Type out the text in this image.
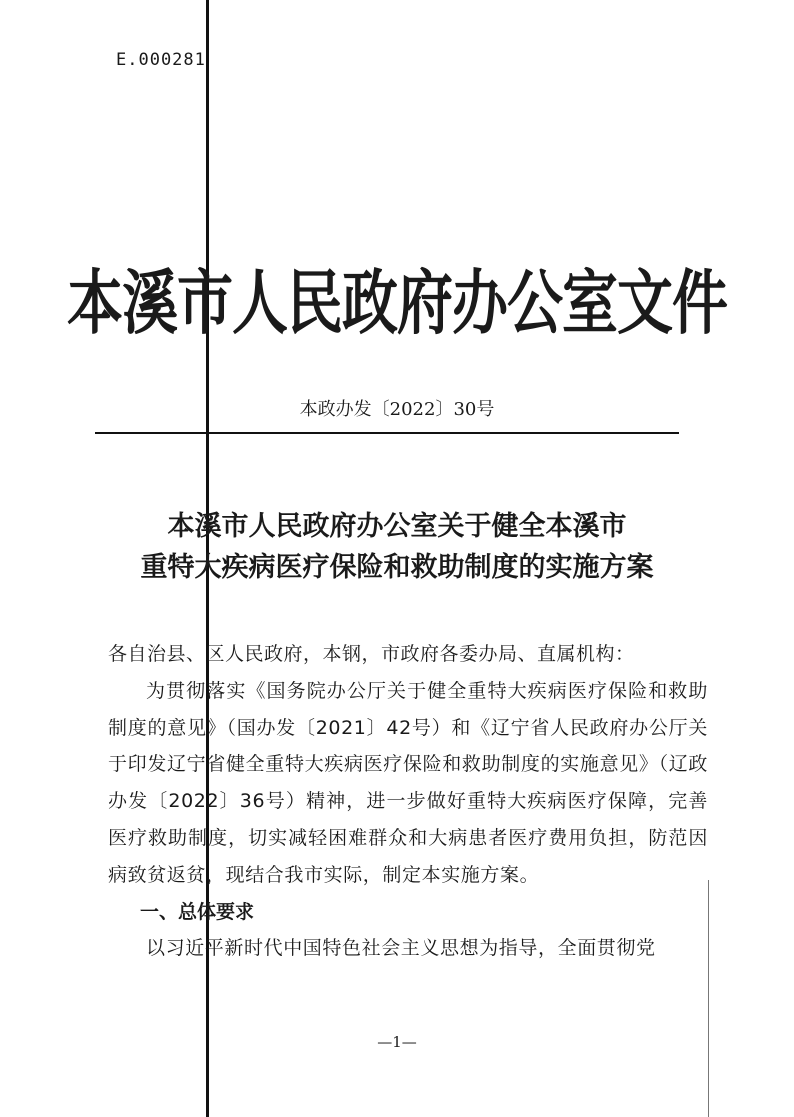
E.000281
本溪市人民政府办公室文件
本政办发〔2022〕30号
本溪市人民政府办公室关于健全本溪市
重特大疾病医疗保险和救助制度的实施方案

各自治县、区人民政府，本钢，市政府各委办局、直属机构：

为贯彻落实《国务院办公厅关于健全重特大疾病医疗保险和救助制度的意见》（国办发〔2021〕42号）和《辽宁省人民政府办公厅关于印发辽宁省健全重特大疾病医疗保险和救助制度的实施意见》（辽政办发〔2022〕36号）精神，进一步做好重特大疾病医疗保障，完善医疗救助制度，切实减轻困难群众和大病患者医疗费用负担，防范因病致贫返贫，现结合我市实际，制定本实施方案。

一、总体要求

以习近平新时代中国特色社会主义思想为指导，全面贯彻党

—1—
